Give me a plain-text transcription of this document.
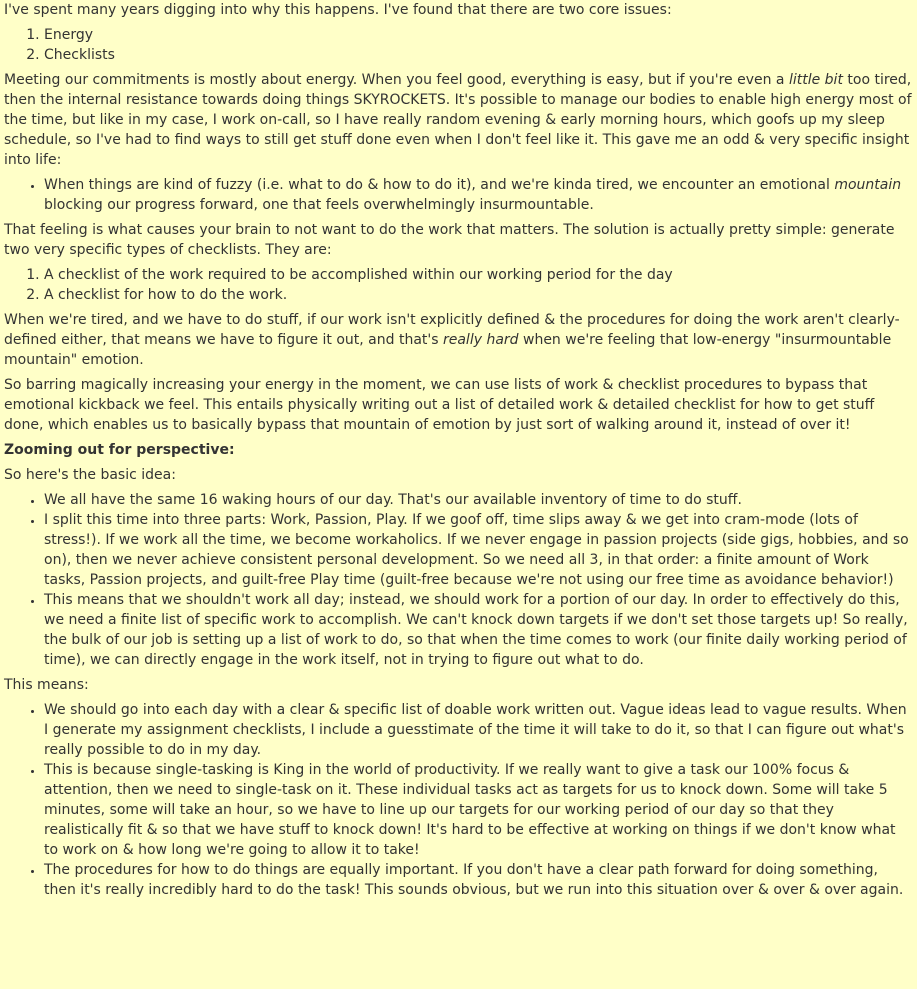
I've spent many years digging into why this happens. I've found that there are two core issues:

1. Energy
2. Checklists

Meeting our commitments is mostly about energy. When you feel good, everything is easy, but if you're even a little bit too tired, then the internal resistance towards doing things SKYROCKETS. It's possible to manage our bodies to enable high energy most of the time, but like in my case, I work on-call, so I have really random evening & early morning hours, which goofs up my sleep schedule, so I've had to find ways to still get stuff done even when I don't feel like it. This gave me an odd & very specific insight into life:

• When things are kind of fuzzy (i.e. what to do & how to do it), and we're kinda tired, we encounter an emotional mountain blocking our progress forward, one that feels overwhelmingly insurmountable.

That feeling is what causes your brain to not want to do the work that matters. The solution is actually pretty simple: generate two very specific types of checklists. They are:

1. A checklist of the work required to be accomplished within our working period for the day
2. A checklist for how to do the work.

When we're tired, and we have to do stuff, if our work isn't explicitly defined & the procedures for doing the work aren't clearly-defined either, that means we have to figure it out, and that's really hard when we're feeling that low-energy "insurmountable mountain" emotion.

So barring magically increasing your energy in the moment, we can use lists of work & checklist procedures to bypass that emotional kickback we feel. This entails physically writing out a list of detailed work & detailed checklist for how to get stuff done, which enables us to basically bypass that mountain of emotion by just sort of walking around it, instead of over it!

Zooming out for perspective:

So here's the basic idea:

• We all have the same 16 waking hours of our day. That's our available inventory of time to do stuff.
• I split this time into three parts: Work, Passion, Play. If we goof off, time slips away & we get into cram-mode (lots of stress!). If we work all the time, we become workaholics. If we never engage in passion projects (side gigs, hobbies, and so on), then we never achieve consistent personal development. So we need all 3, in that order: a finite amount of Work tasks, Passion projects, and guilt-free Play time (guilt-free because we're not using our free time as avoidance behavior!)
• This means that we shouldn't work all day; instead, we should work for a portion of our day. In order to effectively do this, we need a finite list of specific work to accomplish. We can't knock down targets if we don't set those targets up! So really, the bulk of our job is setting up a list of work to do, so that when the time comes to work (our finite daily working period of time), we can directly engage in the work itself, not in trying to figure out what to do.

This means:

• We should go into each day with a clear & specific list of doable work written out. Vague ideas lead to vague results. When I generate my assignment checklists, I include a guesstimate of the time it will take to do it, so that I can figure out what's really possible to do in my day.
• This is because single-tasking is King in the world of productivity. If we really want to give a task our 100% focus & attention, then we need to single-task on it. These individual tasks act as targets for us to knock down. Some will take 5 minutes, some will take an hour, so we have to line up our targets for our working period of our day so that they realistically fit & so that we have stuff to knock down! It's hard to be effective at working on things if we don't know what to work on & how long we're going to allow it to take!
• The procedures for how to do things are equally important. If you don't have a clear path forward for doing something, then it's really incredibly hard to do the task! This sounds obvious, but we run into this situation over & over & over again.
